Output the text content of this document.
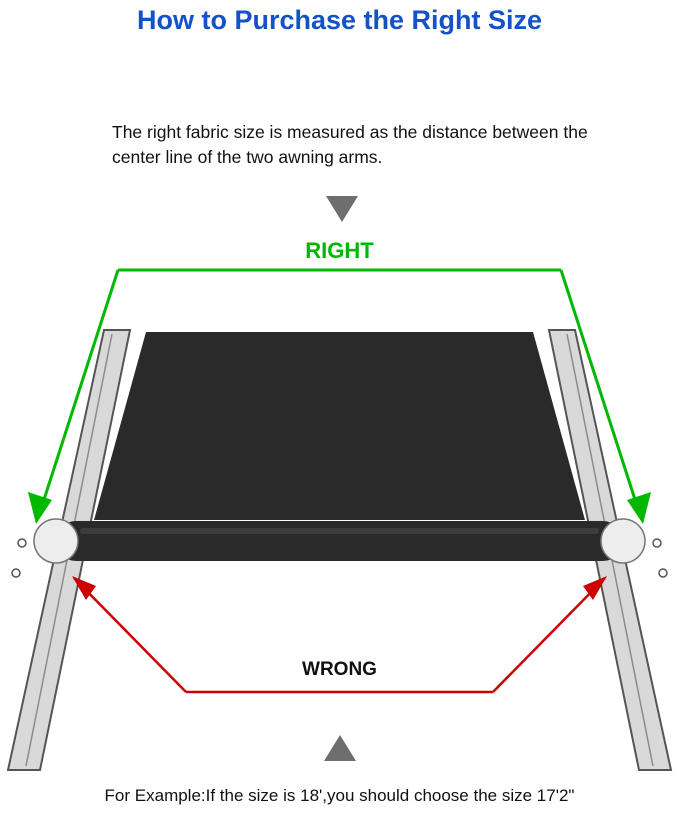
How to Purchase the Right Size
The right fabric size is measured as the distance between the center line of the two awning arms.
RIGHT
WRONG
For Example:If the size is 18',you should choose the size 17'2"
